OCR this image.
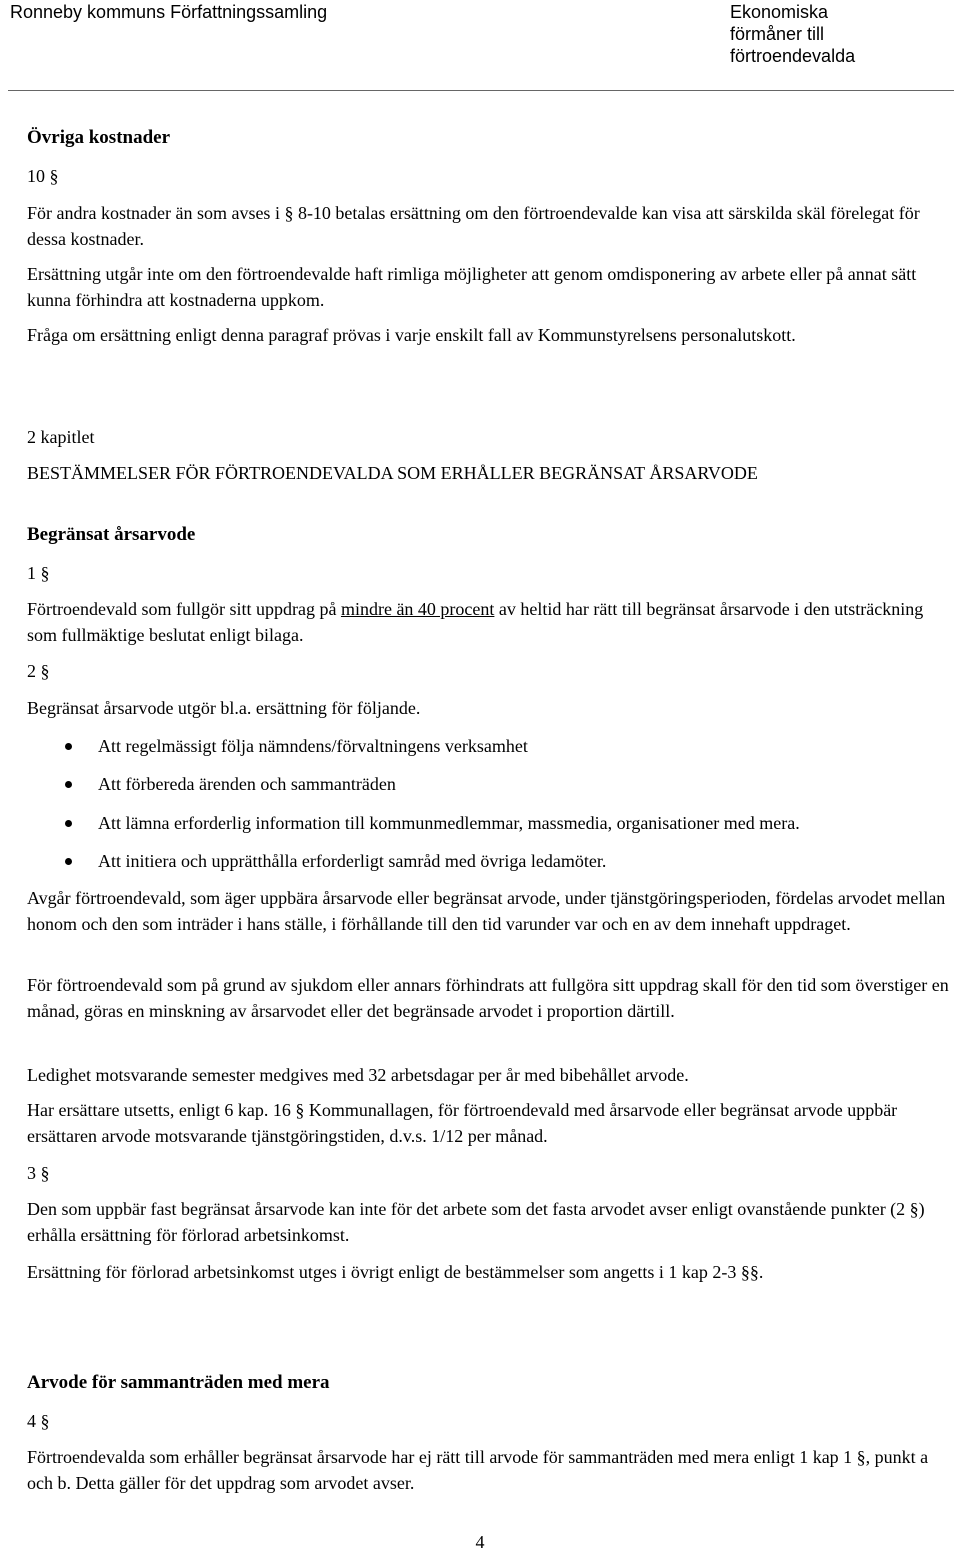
Ronneby kommuns Författningssamling	Ekonomiska
förmåner till
förtroendevalda

Övriga kostnader

10 §

För andra kostnader än som avses i § 8-10 betalas ersättning om den förtroendevalde kan visa att särskilda skäl förelegat för dessa kostnader.

Ersättning utgår inte om den förtroendevalde haft rimliga möjligheter att genom omdisponering av arbete eller på annat sätt kunna förhindra att kostnaderna uppkom.

Fråga om ersättning enligt denna paragraf prövas i varje enskilt fall av Kommunstyrelsens personalutskott.

2 kapitlet

BESTÄMMELSER FÖR FÖRTROENDEVALDA SOM ERHÅLLER BEGRÄNSAT ÅRSARVODE

Begränsat årsarvode

1 §

Förtroendevald som fullgör sitt uppdrag på mindre än 40 procent av heltid har rätt till begränsat årsarvode i den utsträckning som fullmäktige beslutat enligt bilaga.

2 §

Begränsat årsarvode utgör bl.a. ersättning för följande.

Att regelmässigt följa nämndens/förvaltningens verksamhet
Att förbereda ärenden och sammanträden
Att lämna erforderlig information till kommunmedlemmar, massmedia, organisationer med mera.
Att initiera och upprätthålla erforderligt samråd med övriga ledamöter.

Avgår förtroendevald, som äger uppbära årsarvode eller begränsat arvode, under tjänstgöringsperioden, fördelas arvodet mellan honom och den som inträder i hans ställe, i förhållande till den tid varunder var och en av dem innehaft uppdraget.

För förtroendevald som på grund av sjukdom eller annars förhindrats att fullgöra sitt uppdrag skall för den tid som överstiger en månad, göras en minskning av årsarvodet eller det begränsade arvodet i proportion därtill.

Ledighet motsvarande semester medgives med 32 arbetsdagar per år med bibehållet arvode.

Har ersättare utsetts, enligt 6 kap. 16 § Kommunallagen, för förtroendevald med årsarvode eller begränsat arvode uppbär ersättaren arvode motsvarande tjänstgöringstiden, d.v.s. 1/12 per månad.

3 §

Den som uppbär fast begränsat årsarvode kan inte för det arbete som det fasta arvodet avser enligt ovanstående punkter (2 §) erhålla ersättning för förlorad arbetsinkomst.

Ersättning för förlorad arbetsinkomst utges i övrigt enligt de bestämmelser som angetts i 1 kap 2-3 §§.

Arvode för sammanträden med mera

4 §

Förtroendevalda som erhåller begränsat årsarvode har ej rätt till arvode för sammanträden med mera enligt 1 kap 1 §, punkt a och b. Detta gäller för det uppdrag som arvodet avser.

4
